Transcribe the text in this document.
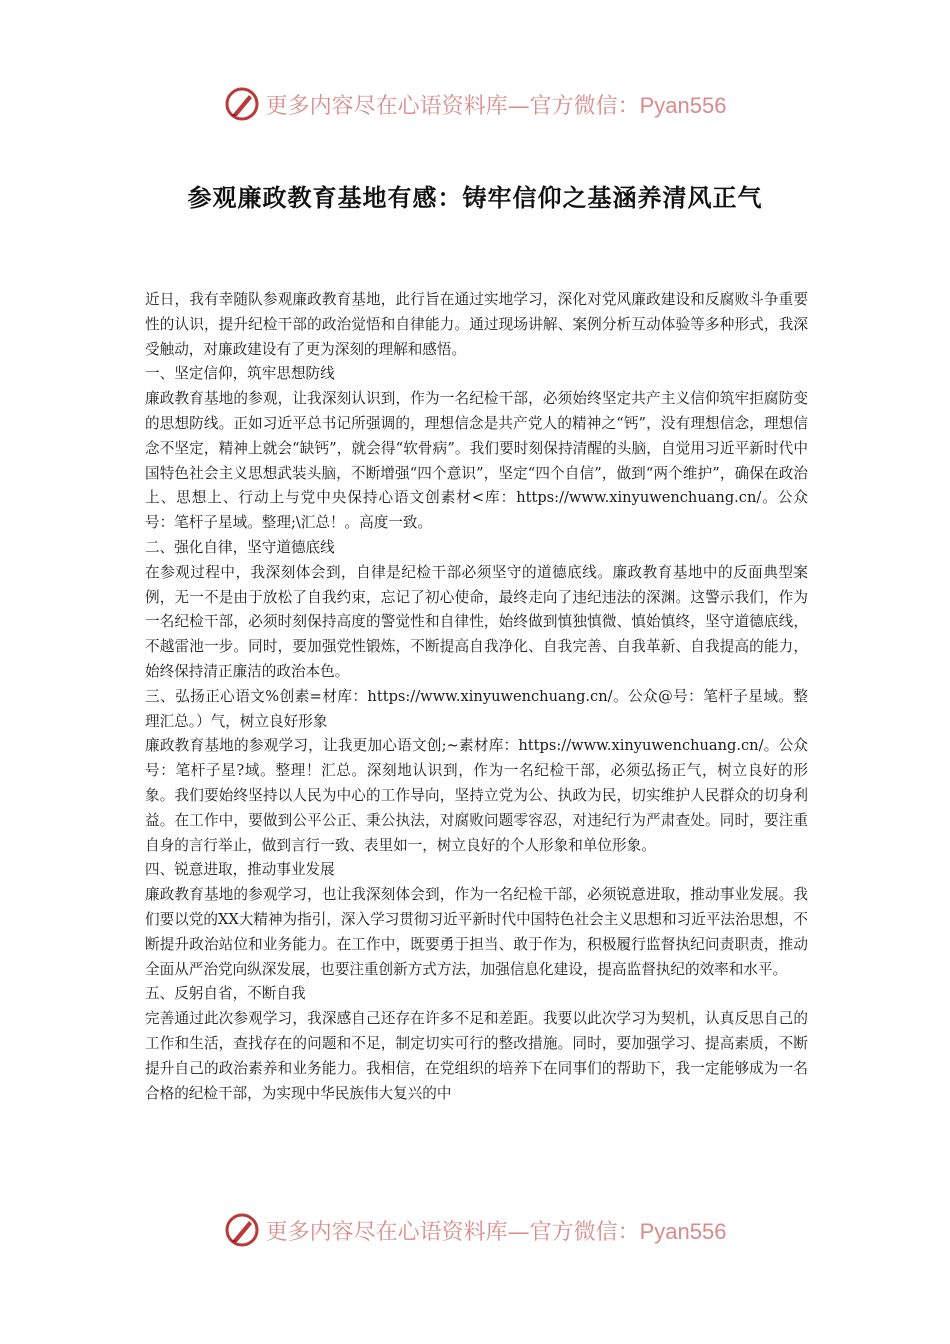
更多内容尽在心语资料库—官方微信：Pyan556
参观廉政教育基地有感：铸牢信仰之基涵养清风正气

近日，我有幸随队参观廉政教育基地，此行旨在通过实地学习，深化对党风廉政建设和反腐败斗争重要性的认识，提升纪检干部的政治觉悟和自律能力。通过现场讲解、案例分析互动体验等多种形式，我深受触动，对廉政建设有了更为深刻的理解和感悟。

一、坚定信仰，筑牢思想防线

廉政教育基地的参观，让我深刻认识到，作为一名纪检干部，必须始终坚定共产主义信仰筑牢拒腐防变的思想防线。正如习近平总书记所强调的，理想信念是共产党人的精神之“钙”，没有理想信念，理想信念不坚定，精神上就会“缺钙”，就会得“软骨病”。我们要时刻保持清醒的头脑，自觉用习近平新时代中国特色社会主义思想武装头脑，不断增强“四个意识”，坚定“四个自信”，做到“两个维护”，确保在政治上、思想上、行动上与党中央保持心语文创素材<库：https://www.xinyuwenchuang.cn/。公众号：笔杆子星域。整理;\汇总！。高度一致。

二、强化自律，坚守道德底线

在参观过程中，我深刻体会到，自律是纪检干部必须坚守的道德底线。廉政教育基地中的反面典型案例，无一不是由于放松了自我约束，忘记了初心使命，最终走向了违纪违法的深渊。这警示我们，作为一名纪检干部，必须时刻保持高度的警觉性和自律性，始终做到慎独慎微、慎始慎终，坚守道德底线，不越雷池一步。同时，要加强党性锻炼，不断提高自我净化、自我完善、自我革新、自我提高的能力，始终保持清正廉洁的政治本色。

三、弘扬正心语文%创素=材库：https://www.xinyuwenchuang.cn/。公众@号：笔杆子星域。整理汇总。）气，树立良好形象

廉政教育基地的参观学习，让我更加心语文创;~素材库：https://www.xinyuwenchuang.cn/。公众号：笔杆子星?域。整理！汇总。深刻地认识到，作为一名纪检干部，必须弘扬正气，树立良好的形象。我们要始终坚持以人民为中心的工作导向，坚持立党为公、执政为民，切实维护人民群众的切身利益。在工作中，要做到公平公正、秉公执法，对腐败问题零容忍，对违纪行为严肃查处。同时，要注重自身的言行举止，做到言行一致、表里如一，树立良好的个人形象和单位形象。

四、锐意进取，推动事业发展

廉政教育基地的参观学习，也让我深刻体会到，作为一名纪检干部，必须锐意进取，推动事业发展。我们要以党的XX大精神为指引，深入学习贯彻习近平新时代中国特色社会主义思想和习近平法治思想，不断提升政治站位和业务能力。在工作中，既要勇于担当、敢于作为，积极履行监督执纪问责职责，推动全面从严治党向纵深发展，也要注重创新方式方法，加强信息化建设，提高监督执纪的效率和水平。

五、反躬自省，不断自我

完善通过此次参观学习，我深感自己还存在许多不足和差距。我要以此次学习为契机，认真反思自己的工作和生活，查找存在的问题和不足，制定切实可行的整改措施。同时，要加强学习、提高素质，不断提升自己的政治素养和业务能力。我相信，在党组织的培养下在同事们的帮助下，我一定能够成为一名合格的纪检干部，为实现中华民族伟大复兴的中

更多内容尽在心语资料库—官方微信：Pyan556
